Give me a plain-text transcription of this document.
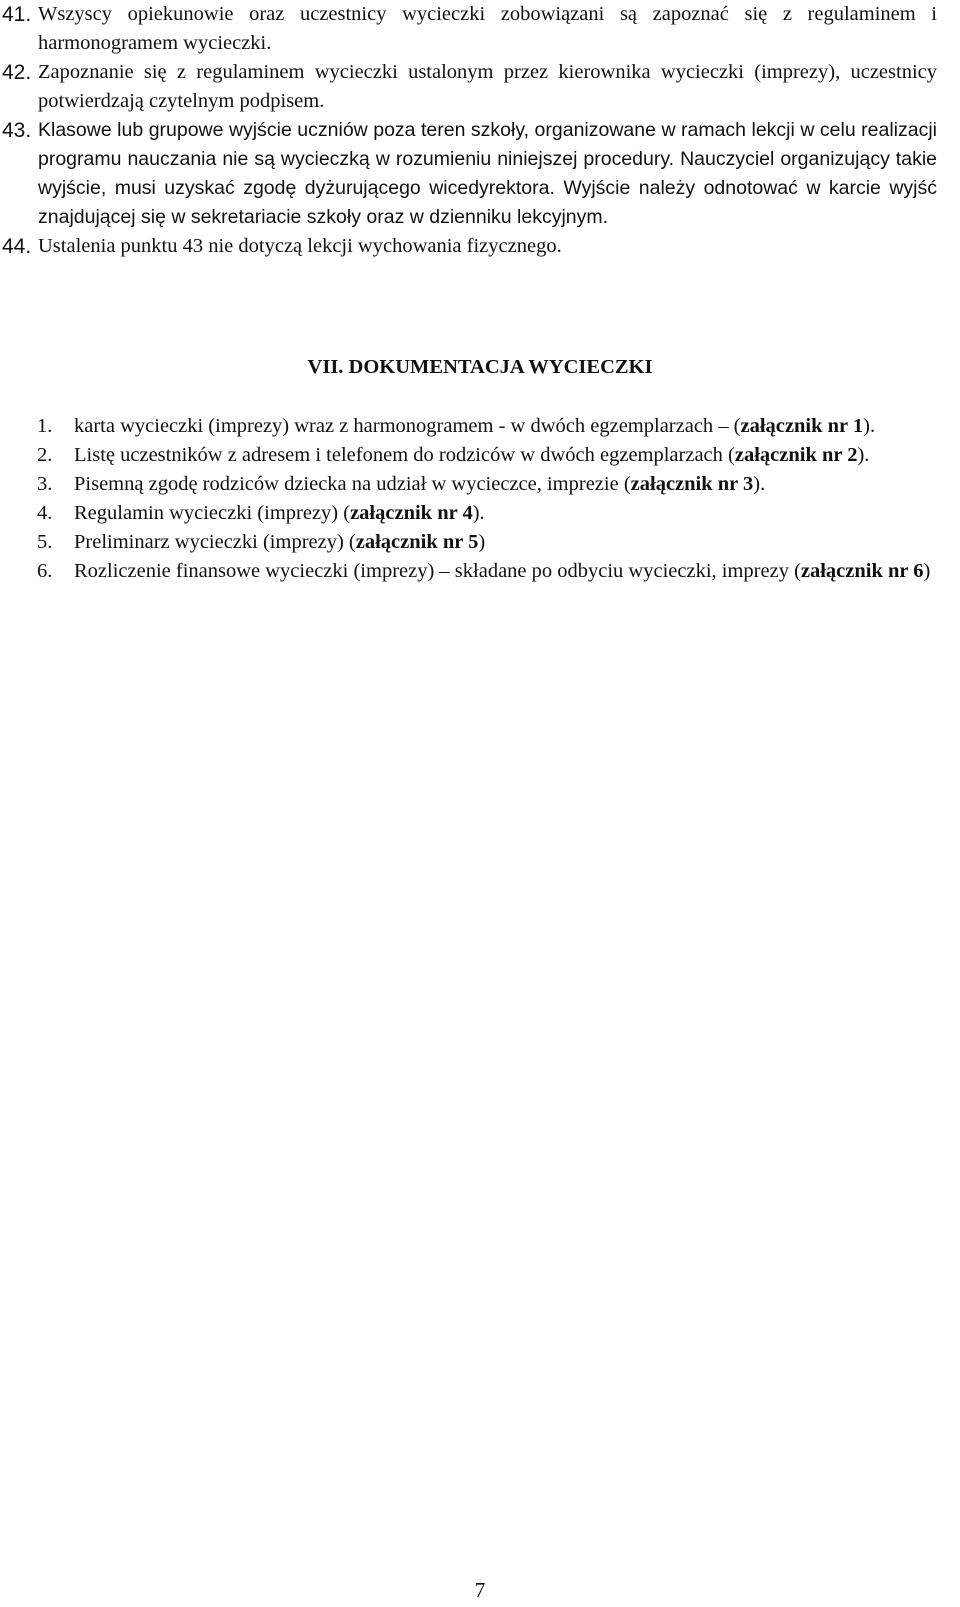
41. Wszyscy opiekunowie oraz uczestnicy wycieczki zobowiązani są zapoznać się z regulaminem i harmonogramem wycieczki.
42. Zapoznanie się z regulaminem wycieczki ustalonym przez kierownika wycieczki (imprezy), uczestnicy potwierdzają czytelnym podpisem.
43. Klasowe lub grupowe wyjście uczniów poza teren szkoły, organizowane w ramach lekcji w celu realizacji programu nauczania nie są wycieczką w rozumieniu niniejszej procedury. Nauczyciel organizujący takie wyjście, musi uzyskać zgodę dyżurującego wicedyrektora. Wyjście należy odnotować w karcie wyjść znajdującej się w sekretariacie szkoły oraz w dzienniku lekcyjnym.
44. Ustalenia punktu 43 nie dotyczą lekcji wychowania fizycznego.
VII. DOKUMENTACJA WYCIECZKI
1.	karta wycieczki (imprezy) wraz z harmonogramem - w dwóch egzemplarzach – (załącznik nr 1).
2.	Listę uczestników z adresem i telefonem do rodziców w dwóch egzemplarzach (załącznik nr 2).
3.	Pisemną zgodę rodziców dziecka na udział w wycieczce, imprezie (załącznik nr 3).
4.	Regulamin wycieczki (imprezy) (załącznik nr 4).
5.	Preliminarz wycieczki (imprezy) (załącznik nr 5)
6.	Rozliczenie finansowe wycieczki (imprezy) – składane po odbyciu wycieczki, imprezy (załącznik nr 6)
7
